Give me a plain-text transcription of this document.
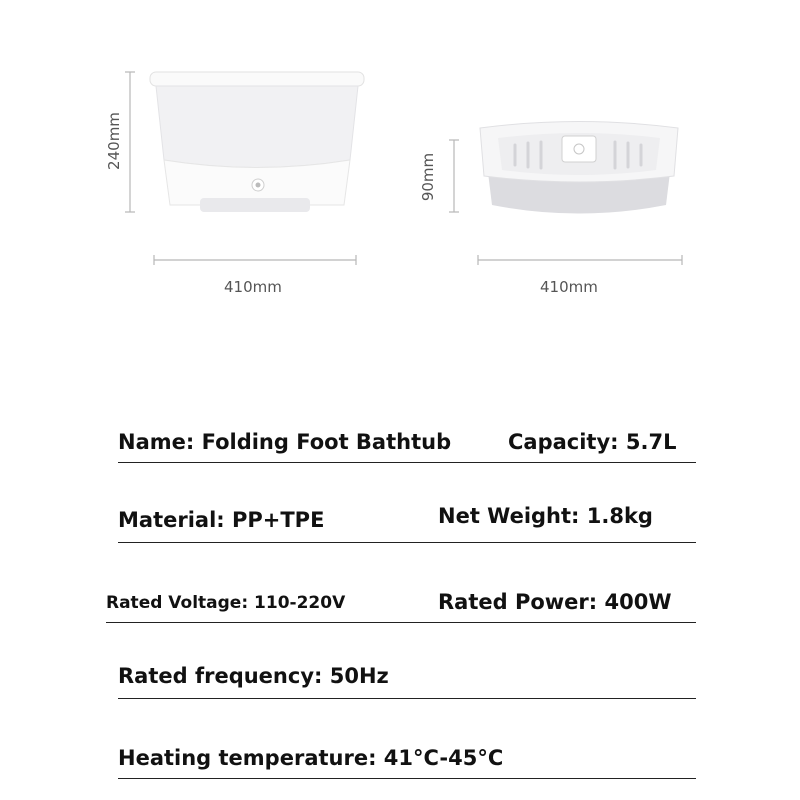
240mm
410mm
90mm
410mm
Name: Folding Foot Bathtub	Capacity: 5.7L
Material: PP+TPE	Net Weight: 1.8kg
Rated Voltage: 110-220V	Rated Power: 400W
Rated frequency: 50Hz
Heating temperature: 41°C-45°C
